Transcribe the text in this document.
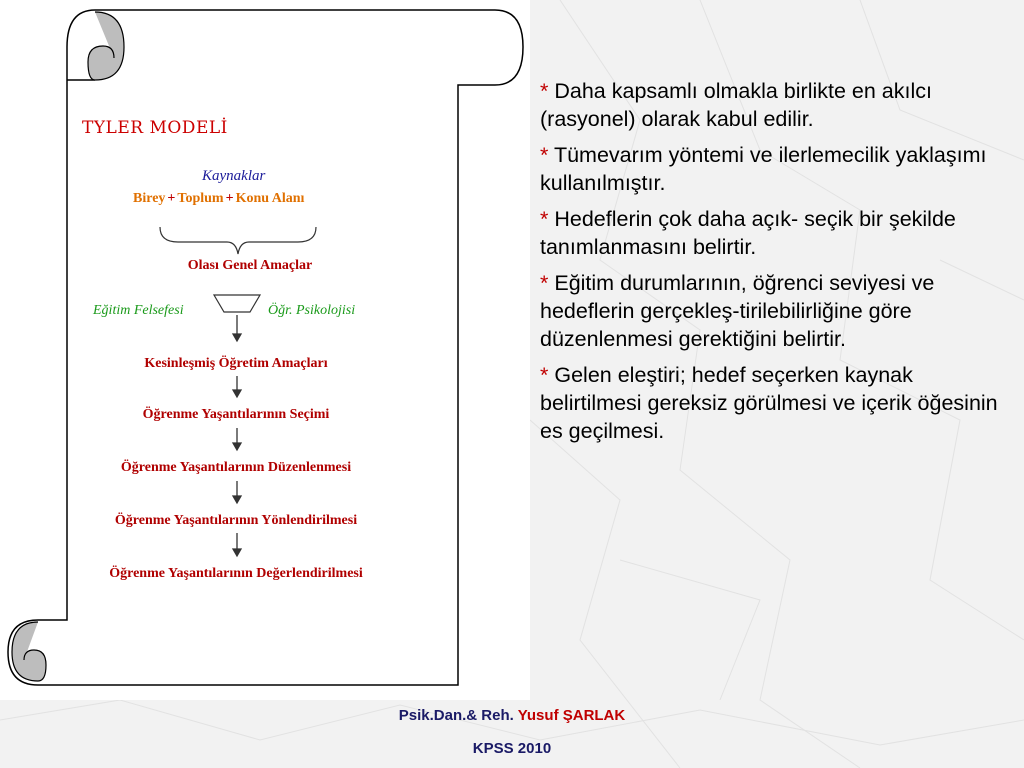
TYLER MODELİ
Kaynaklar
Birey + Toplum + Konu Alanı
Olası Genel Amaçlar
Eğitim Felsefesi	Öğr. Psikolojisi
Kesinleşmiş Öğretim Amaçları
Öğrenme Yaşantılarının Seçimi
Öğrenme Yaşantılarının Düzenlenmesi
Öğrenme Yaşantılarının Yönlendirilmesi
Öğrenme Yaşantılarının Değerlendirilmesi
* Daha kapsamlı olmakla birlikte en akılcı (rasyonel) olarak kabul edilir.
* Tümevarım yöntemi ve ilerlemecilik yaklaşımı kullanılmıştır.
* Hedeflerin çok daha açık- seçik bir şekilde tanımlanmasını belirtir.
* Eğitim durumlarının, öğrenci seviyesi ve hedeflerin gerçekleş-tirilebilirliğine göre düzenlenmesi gerektiğini belirtir.
* Gelen eleştiri; hedef seçerken kaynak belirtilmesi gereksiz görülmesi ve içerik öğesinin es geçilmesi.
Psik.Dan.& Reh. Yusuf ŞARLAK
KPSS 2010
